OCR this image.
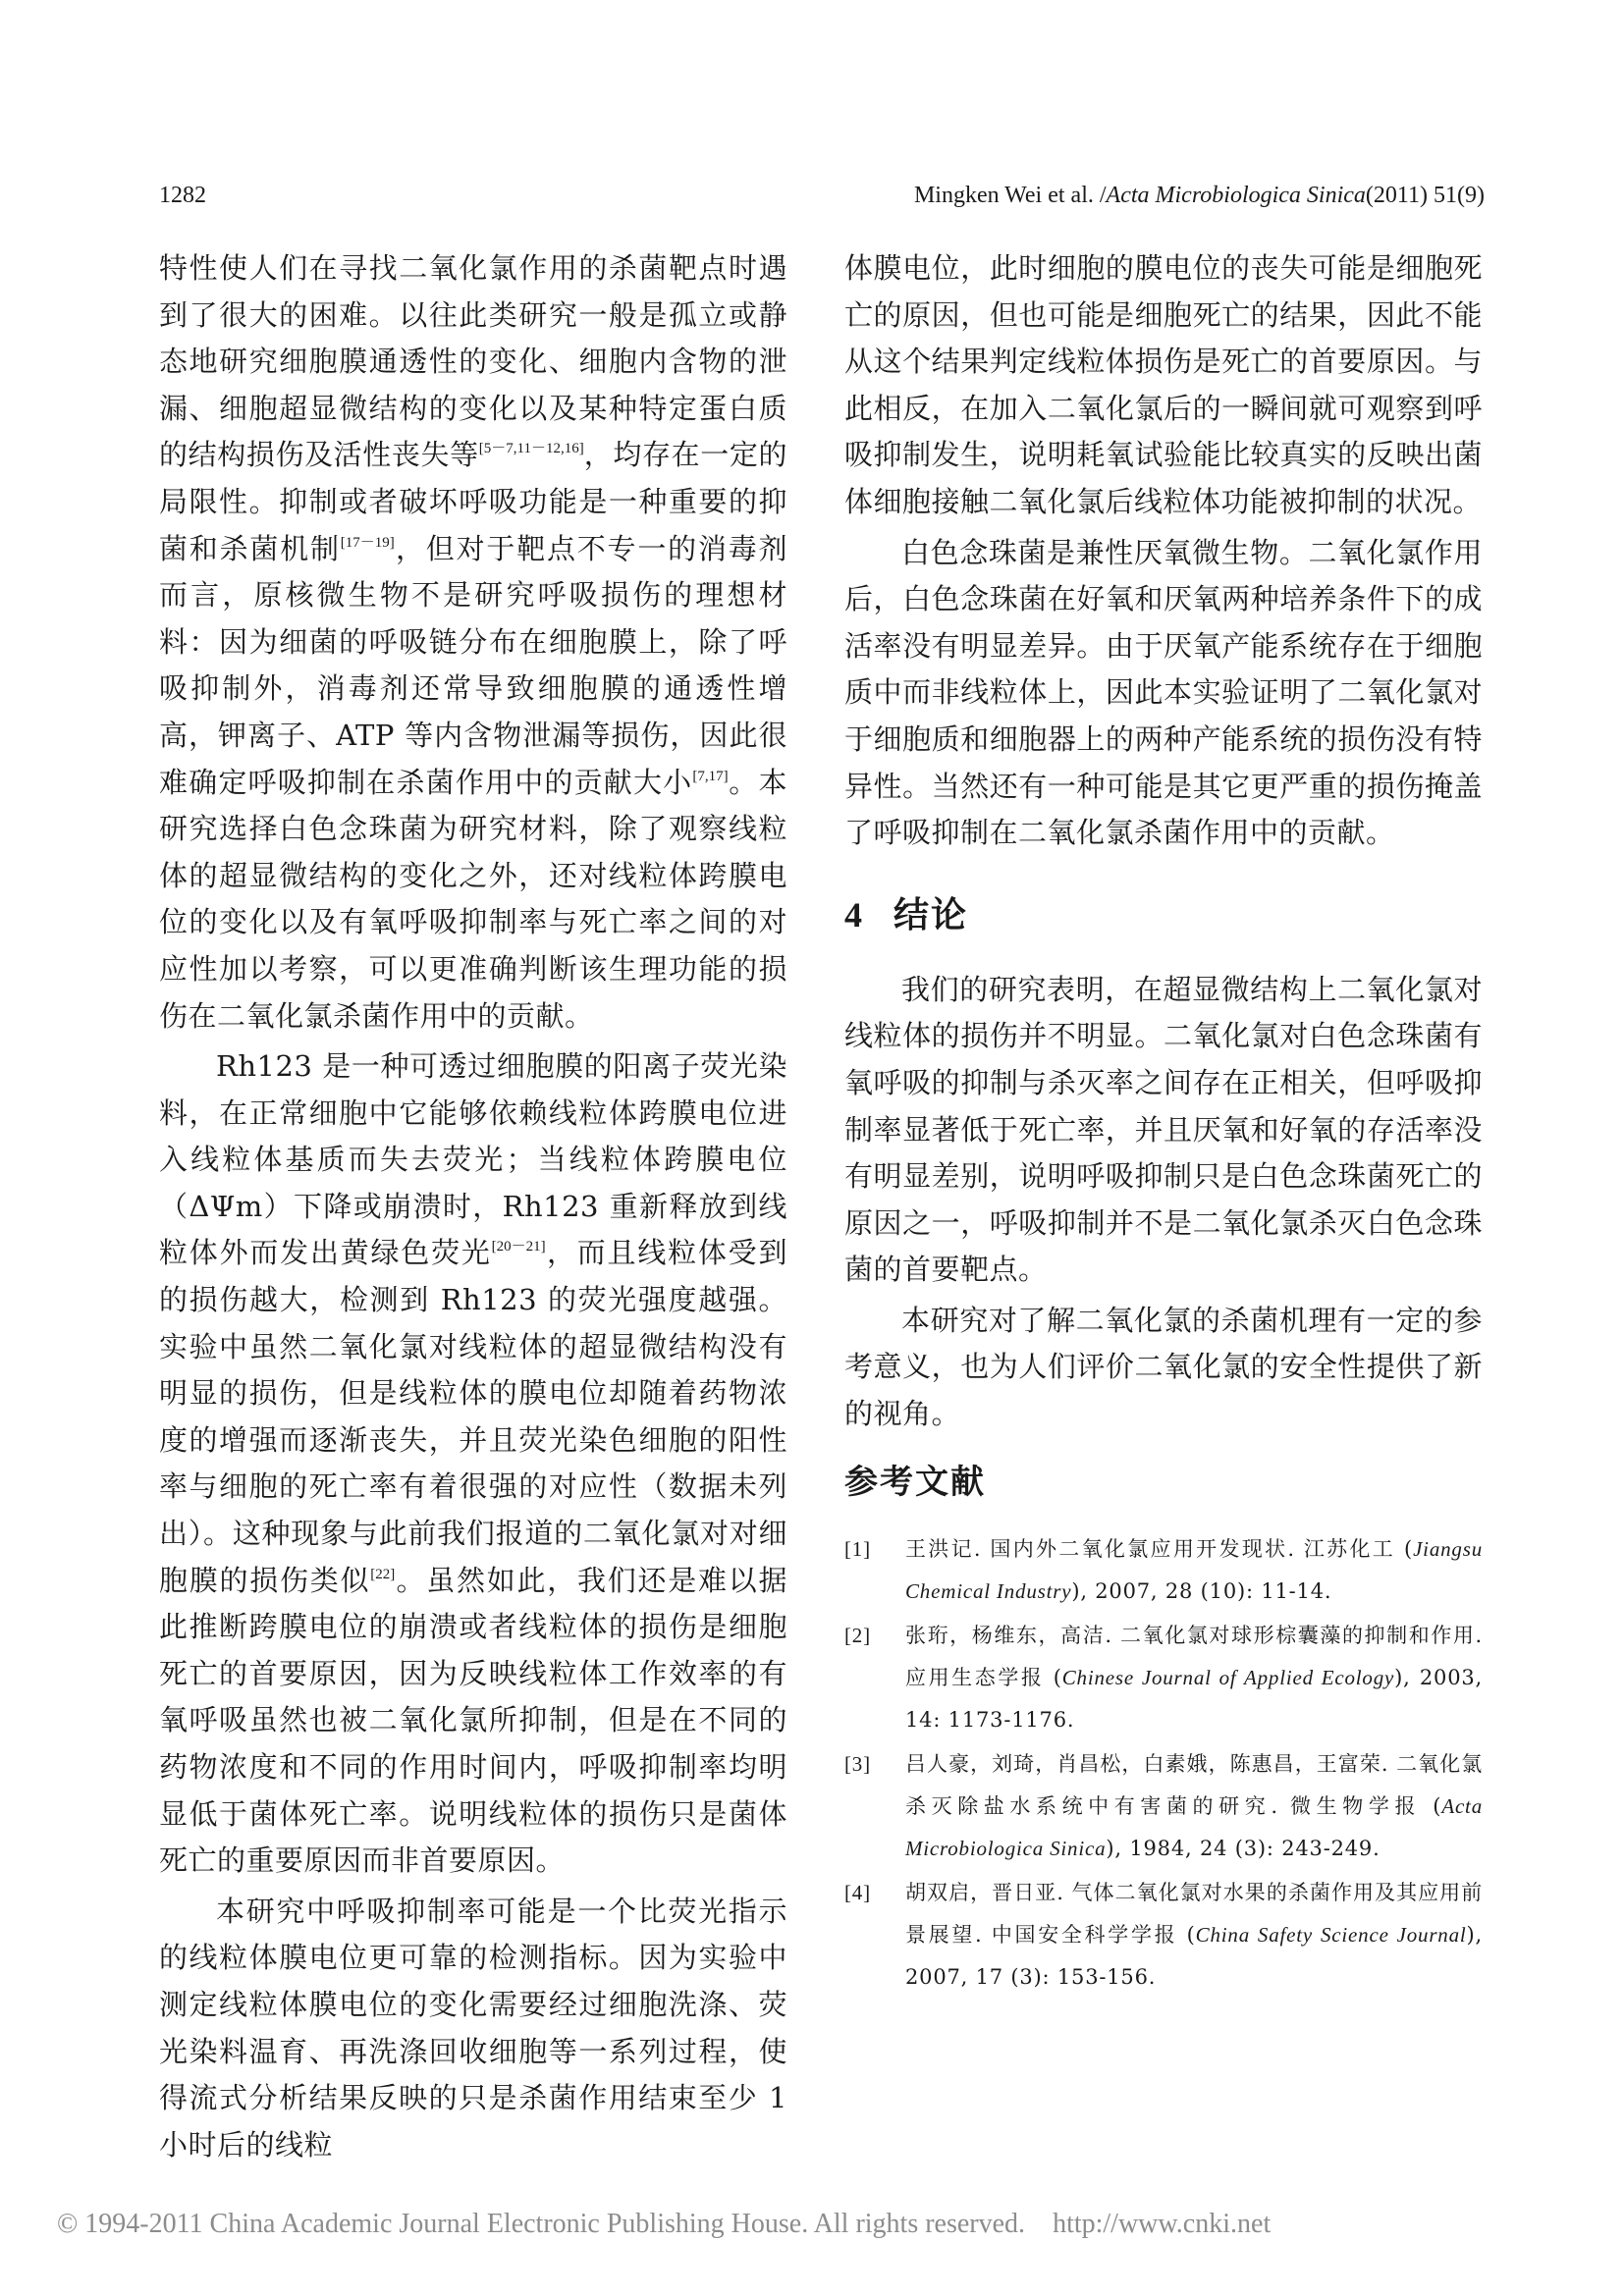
1282	Mingken Wei et al. /Acta Microbiologica Sinica(2011) 51(9)

特性使人们在寻找二氧化氯作用的杀菌靶点时遇到了很大的困难。以往此类研究一般是孤立或静态地研究细胞膜通透性的变化、细胞内含物的泄漏、细胞超显微结构的变化以及某种特定蛋白质的结构损伤及活性丧失等[5－7,11－12,16]，均存在一定的局限性。抑制或者破坏呼吸功能是一种重要的抑菌和杀菌机制[17－19]，但对于靶点不专一的消毒剂而言，原核微生物不是研究呼吸损伤的理想材料：因为细菌的呼吸链分布在细胞膜上，除了呼吸抑制外，消毒剂还常导致细胞膜的通透性增高，钾离子、ATP 等内含物泄漏等损伤，因此很难确定呼吸抑制在杀菌作用中的贡献大小[7,17]。本研究选择白色念珠菌为研究材料，除了观察线粒体的超显微结构的变化之外，还对线粒体跨膜电位的变化以及有氧呼吸抑制率与死亡率之间的对应性加以考察，可以更准确判断该生理功能的损伤在二氧化氯杀菌作用中的贡献。

Rh123 是一种可透过细胞膜的阳离子荧光染料，在正常细胞中它能够依赖线粒体跨膜电位进入线粒体基质而失去荧光；当线粒体跨膜电位（ΔΨm）下降或崩溃时，Rh123 重新释放到线粒体外而发出黄绿色荧光[20－21]，而且线粒体受到的损伤越大，检测到 Rh123 的荧光强度越强。实验中虽然二氧化氯对线粒体的超显微结构没有明显的损伤，但是线粒体的膜电位却随着药物浓度的增强而逐渐丧失，并且荧光染色细胞的阳性率与细胞的死亡率有着很强的对应性（数据未列出）。这种现象与此前我们报道的二氧化氯对对细胞膜的损伤类似[22]。虽然如此，我们还是难以据此推断跨膜电位的崩溃或者线粒体的损伤是细胞死亡的首要原因，因为反映线粒体工作效率的有氧呼吸虽然也被二氧化氯所抑制，但是在不同的药物浓度和不同的作用时间内，呼吸抑制率均明显低于菌体死亡率。说明线粒体的损伤只是菌体死亡的重要原因而非首要原因。

本研究中呼吸抑制率可能是一个比荧光指示的线粒体膜电位更可靠的检测指标。因为实验中测定线粒体膜电位的变化需要经过细胞洗涤、荧光染料温育、再洗涤回收细胞等一系列过程，使得流式分析结果反映的只是杀菌作用结束至少 1 小时后的线粒

体膜电位，此时细胞的膜电位的丧失可能是细胞死亡的原因，但也可能是细胞死亡的结果，因此不能从这个结果判定线粒体损伤是死亡的首要原因。与此相反，在加入二氧化氯后的一瞬间就可观察到呼吸抑制发生，说明耗氧试验能比较真实的反映出菌体细胞接触二氧化氯后线粒体功能被抑制的状况。

白色念珠菌是兼性厌氧微生物。二氧化氯作用后，白色念珠菌在好氧和厌氧两种培养条件下的成活率没有明显差异。由于厌氧产能系统存在于细胞质中而非线粒体上，因此本实验证明了二氧化氯对于细胞质和细胞器上的两种产能系统的损伤没有特异性。当然还有一种可能是其它更严重的损伤掩盖了呼吸抑制在二氧化氯杀菌作用中的贡献。

4 结论

我们的研究表明，在超显微结构上二氧化氯对线粒体的损伤并不明显。二氧化氯对白色念珠菌有氧呼吸的抑制与杀灭率之间存在正相关，但呼吸抑制率显著低于死亡率，并且厌氧和好氧的存活率没有明显差别，说明呼吸抑制只是白色念珠菌死亡的原因之一，呼吸抑制并不是二氧化氯杀灭白色念珠菌的首要靶点。

本研究对了解二氧化氯的杀菌机理有一定的参考意义，也为人们评价二氧化氯的安全性提供了新的视角。

参考文献
[1] 王洪记. 国内外二氧化氯应用开发现状. 江苏化工 (Jiangsu Chemical Industry), 2007, 28 (10): 11-14.
[2] 张珩，杨维东，高洁. 二氧化氯对球形棕囊藻的抑制和作用. 应用生态学报 (Chinese Journal of Applied Ecology), 2003, 14: 1173-1176.
[3] 吕人豪，刘琦，肖昌松，白素娥，陈惠昌，王富荣. 二氧化氯杀灭除盐水系统中有害菌的研究. 微生物学报 (Acta Microbiologica Sinica), 1984, 24 (3): 243-249.
[4] 胡双启，晋日亚. 气体二氧化氯对水果的杀菌作用及其应用前景展望. 中国安全科学学报 (China Safety Science Journal), 2007, 17 (3): 153-156.
© 1994-2011 China Academic Journal Electronic Publishing House. All rights reserved. http://www.cnki.net
